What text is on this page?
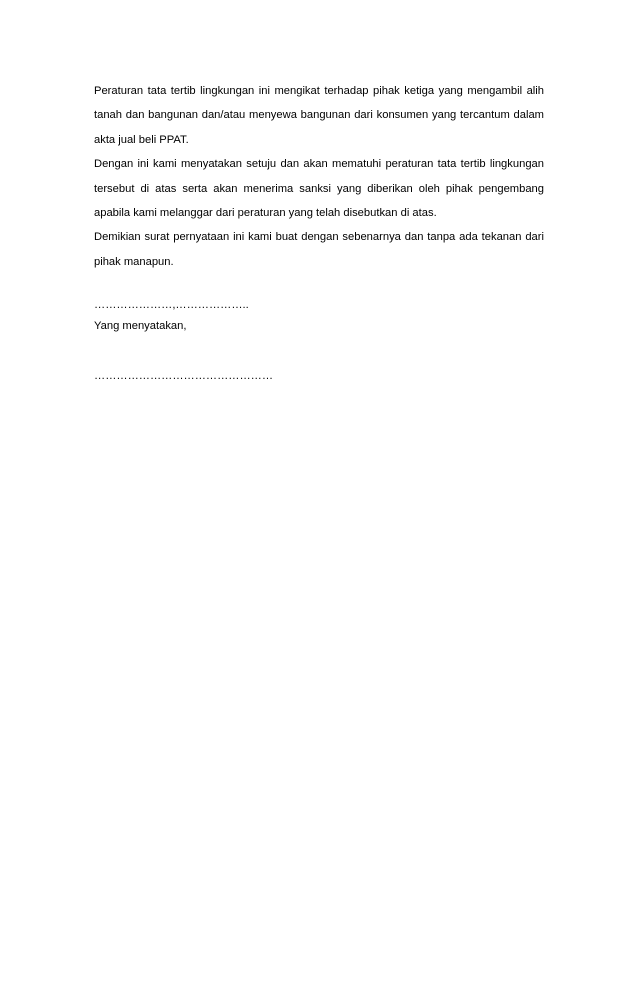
Peraturan tata tertib lingkungan ini mengikat terhadap pihak ketiga yang mengambil alih tanah dan bangunan dan/atau menyewa bangunan dari konsumen yang tercantum dalam akta jual beli PPAT.

Dengan ini kami menyatakan setuju dan akan mematuhi peraturan tata tertib lingkungan tersebut di atas serta akan menerima sanksi yang diberikan oleh pihak pengembang apabila kami melanggar dari peraturan yang telah disebutkan di atas.

Demikian surat pernyataan ini kami buat dengan sebenarnya dan tanpa ada tekanan dari pihak manapun.

…………………,………………..
Yang menyatakan,
…………………………………………
